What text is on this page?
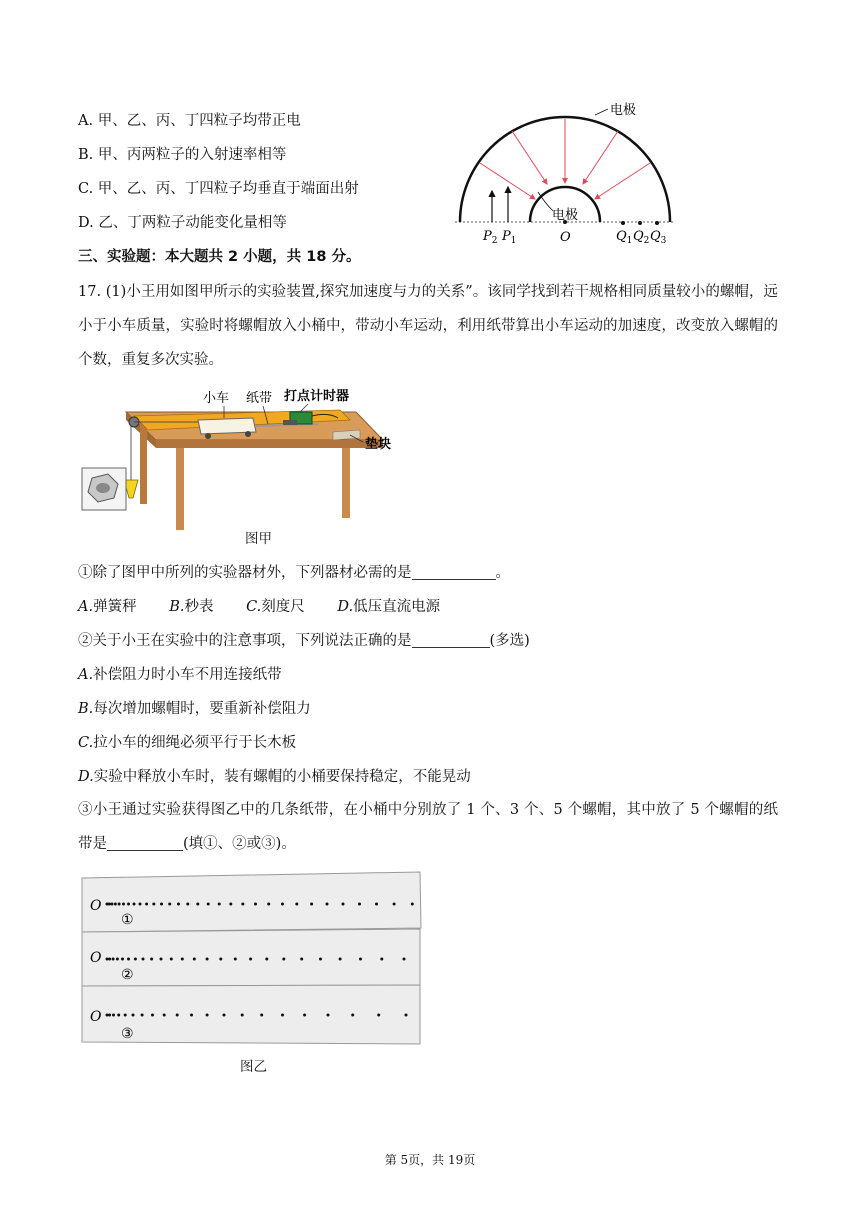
A. 甲、乙、丙、丁四粒子均带正电
B. 甲、丙两粒子的入射速率相等
C. 甲、乙、丙、丁四粒子均垂直于端面出射
D. 乙、丁两粒子动能变化量相等
电极
电极
$P_2$ $P_1$	O	$Q_1$ $Q_2$ $Q_3$
三、实验题：本大题共 2 小题，共 18 分。
17. (1)小王用如图甲所示的实验装置,探究加速度与力的关系”。该同学找到若干规格相同质量较小的螺帽，远小于小车质量，实验时将螺帽放入小桶中，带动小车运动，利用纸带算出小车运动的加速度，改变放入螺帽的个数，重复多次实验。
小车 纸带 打点计时器
垫块
图甲
①除了图甲中所列的实验器材外，下列器材必需的是	。
A.弹簧秤 B.秒表 C.刻度尺 D.低压直流电源
②关于小王在实验中的注意事项，下列说法正确的是	(多选)
A.补偿阻力时小车不用连接纸带
B.每次增加螺帽时，要重新补偿阻力
C.拉小车的细绳必须平行于长木板
D.实验中释放小车时，装有螺帽的小桶要保持稳定，不能晃动
③小王通过实验获得图乙中的几条纸带，在小桶中分别放了 1 个、3 个、5 个螺帽，其中放了 5 个螺帽的纸带是	(填①、②或③)。
O
①
O
②
O
③
图乙
第 5页，共 19页
